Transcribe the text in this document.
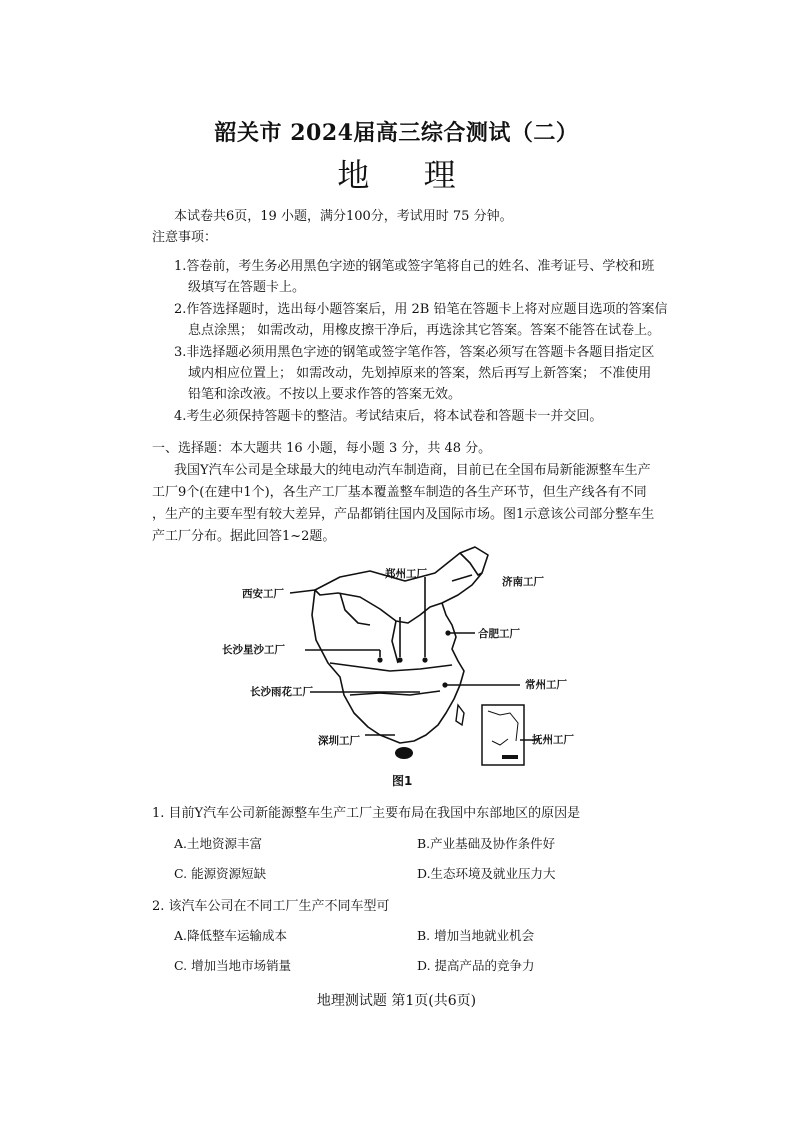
韶关市 2024届高三综合测试（二）
地 理
本试卷共6页，19 小题，满分100分，考试用时 75 分钟。
注意事项：
1.答卷前，考生务必用黑色字迹的钢笔或签字笔将自己的姓名、准考证号、学校和班
级填写在答题卡上。
2.作答选择题时，选出每小题答案后，用 2B 铅笔在答题卡上将对应题目选项的答案信
息点涂黑； 如需改动，用橡皮擦干净后，再选涂其它答案。答案不能答在试卷上。
3.非选择题必须用黑色字迹的钢笔或签字笔作答，答案必须写在答题卡各题目指定区
域内相应位置上； 如需改动，先划掉原来的答案，然后再写上新答案； 不准使用
铅笔和涂改液。不按以上要求作答的答案无效。
4.考生必须保持答题卡的整洁。考试结束后，将本试卷和答题卡一并交回。
一、选择题：本大题共 16 小题，每小题 3 分，共 48 分。
我国Y汽车公司是全球最大的纯电动汽车制造商，目前已在全国布局新能源整车生产
工厂9个(在建中1个)，各生产工厂基本覆盖整车制造的各生产环节，但生产线各有不同
，生产的主要车型有较大差异，产品都销往国内及国际市场。图1示意该公司部分整车生
产工厂分布。据此回答1~2题。
西安工厂
郑州工厂
济南工厂
合肥工厂
长沙星沙工厂
长沙雨花工厂
常州工厂
深圳工厂	抚州工厂
图1
1. 目前Y汽车公司新能源整车生产工厂主要布局在我国中东部地区的原因是
A.土地资源丰富	B.产业基础及协作条件好
C. 能源资源短缺	D.生态环境及就业压力大
2. 该汽车公司在不同工厂生产不同车型可
A.降低整车运输成本	B. 增加当地就业机会
C. 增加当地市场销量	D. 提高产品的竞争力
地理测试题 第1页(共6页)
